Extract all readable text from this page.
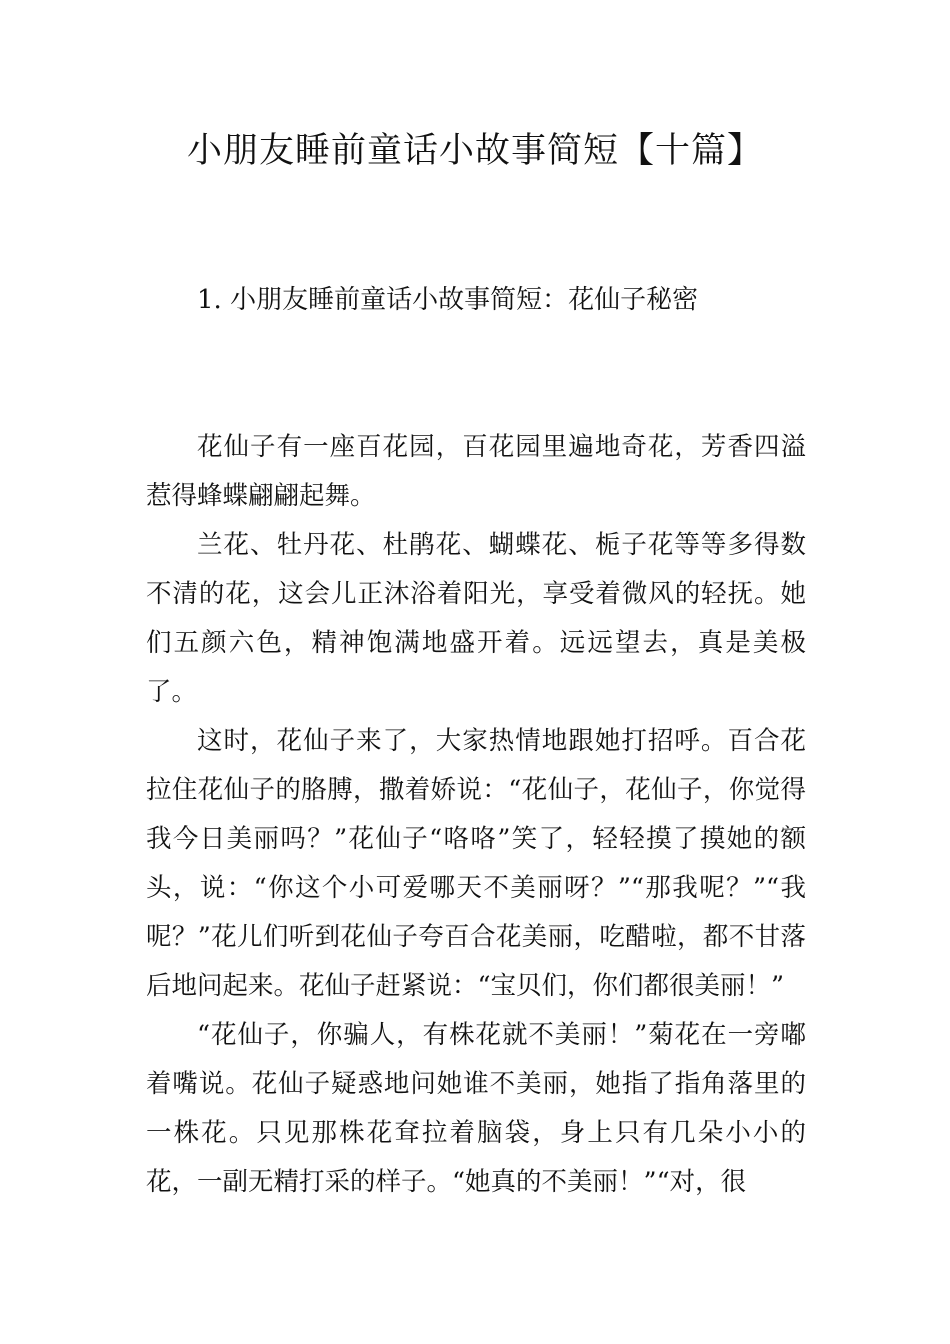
小朋友睡前童话小故事简短【十篇】
1. 小朋友睡前童话小故事简短：花仙子秘密

花仙子有一座百花园，百花园里遍地奇花，芳香四溢惹得蜂蝶翩翩起舞。

兰花、牡丹花、杜鹃花、蝴蝶花、栀子花等等多得数不清的花，这会儿正沐浴着阳光，享受着微风的轻抚。她们五颜六色，精神饱满地盛开着。远远望去，真是美极了。

这时，花仙子来了，大家热情地跟她打招呼。百合花拉住花仙子的胳膊，撒着娇说：“花仙子，花仙子，你觉得我今日美丽吗？”花仙子“咯咯”笑了，轻轻摸了摸她的额头，说：“你这个小可爱哪天不美丽呀？”“那我呢？”“我呢？”花儿们听到花仙子夸百合花美丽，吃醋啦，都不甘落后地问起来。花仙子赶紧说：“宝贝们，你们都很美丽！”

“花仙子，你骗人，有株花就不美丽！”菊花在一旁嘟着嘴说。花仙子疑惑地问她谁不美丽，她指了指角落里的一株花。只见那株花耷拉着脑袋，身上只有几朵小小的花，一副无精打采的样子。“她真的不美丽！”“对，很
